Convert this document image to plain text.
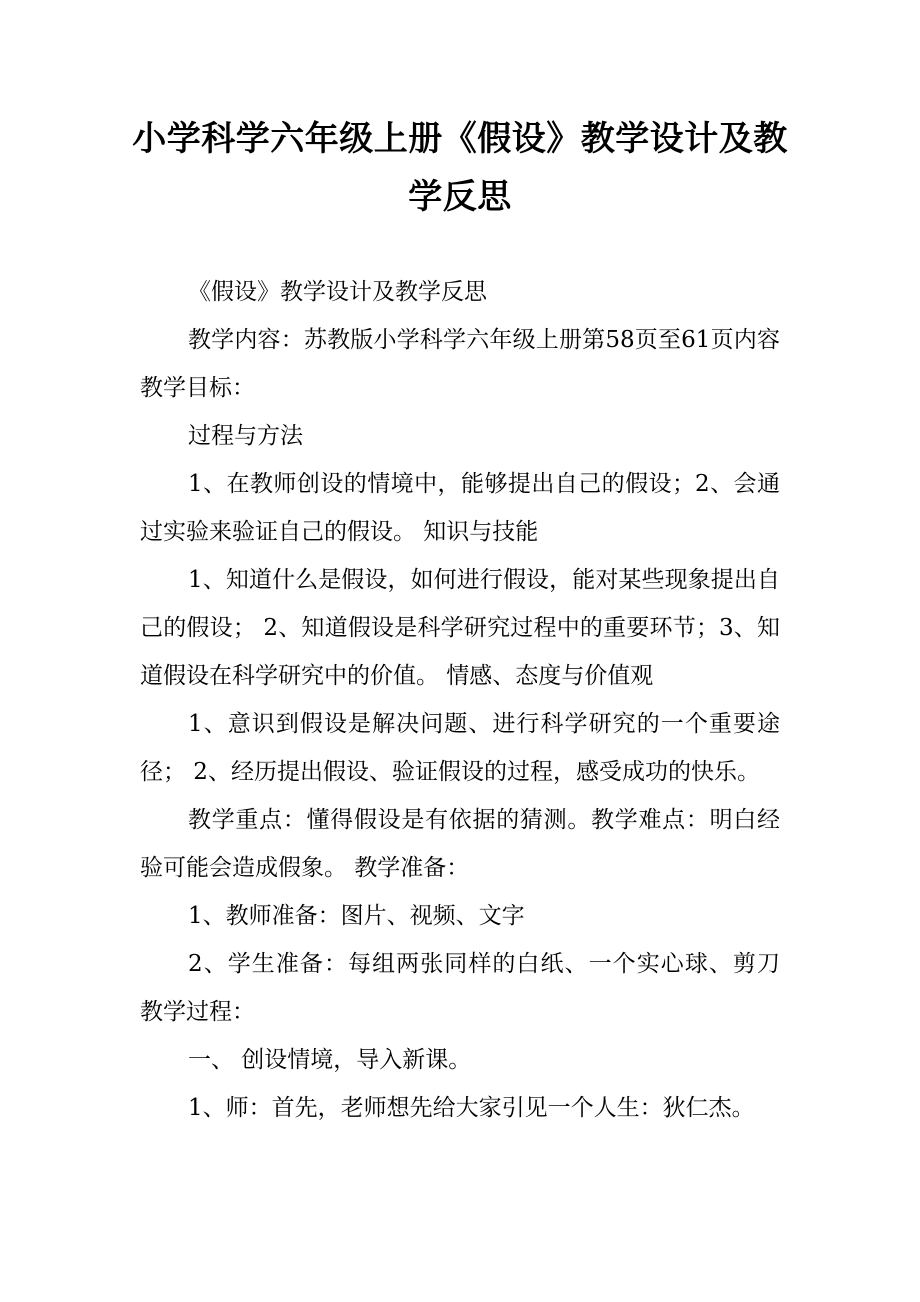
小学科学六年级上册《假设》教学设计及教学反思

《假设》教学设计及教学反思

教学内容：苏教版小学科学六年级上册第58页至61页内容 教学目标：

过程与方法

1、在教师创设的情境中，能够提出自己的假设；2、会通过实验来验证自己的假设。 知识与技能

1、知道什么是假设，如何进行假设，能对某些现象提出自己的假设； 2、知道假设是科学研究过程中的重要环节；3、知道假设在科学研究中的价值。 情感、态度与价值观

1、意识到假设是解决问题、进行科学研究的一个重要途径； 2、经历提出假设、验证假设的过程，感受成功的快乐。

教学重点：懂得假设是有依据的猜测。教学难点：明白经验可能会造成假象。 教学准备：

1、教师准备：图片、视频、文字

2、学生准备：每组两张同样的白纸、一个实心球、剪刀 教学过程：

一、 创设情境，导入新课。

1、师：首先，老师想先给大家引见一个人生：狄仁杰。
